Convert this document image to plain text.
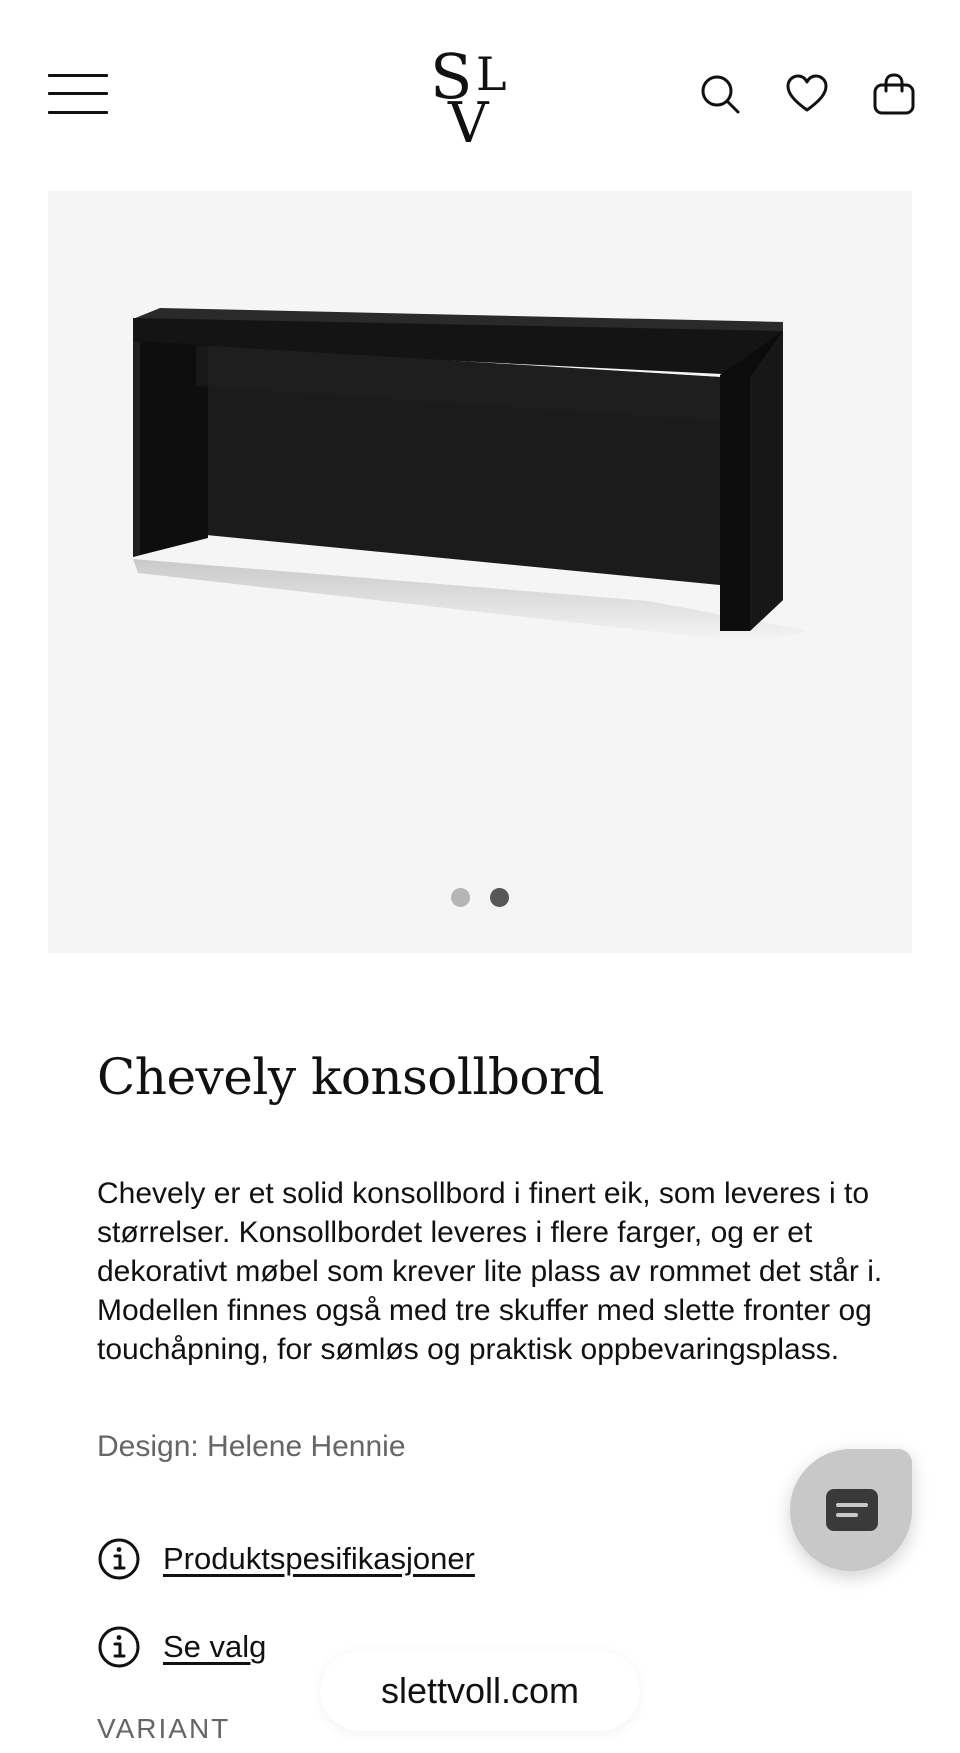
S L
V
Chevely konsollbord
Chevely er et solid konsollbord i finert eik, som leveres i to størrelser. Konsollbordet leveres i flere farger, og er et dekorativt møbel som krever lite plass av rommet det står i. Modellen finnes også med tre skuffer med slette fronter og touchåpning, for sømløs og praktisk oppbevaringsplass.
Design: Helene Hennie
Produktspesifikasjoner
Se valg
VARIANT
slettvoll.com
